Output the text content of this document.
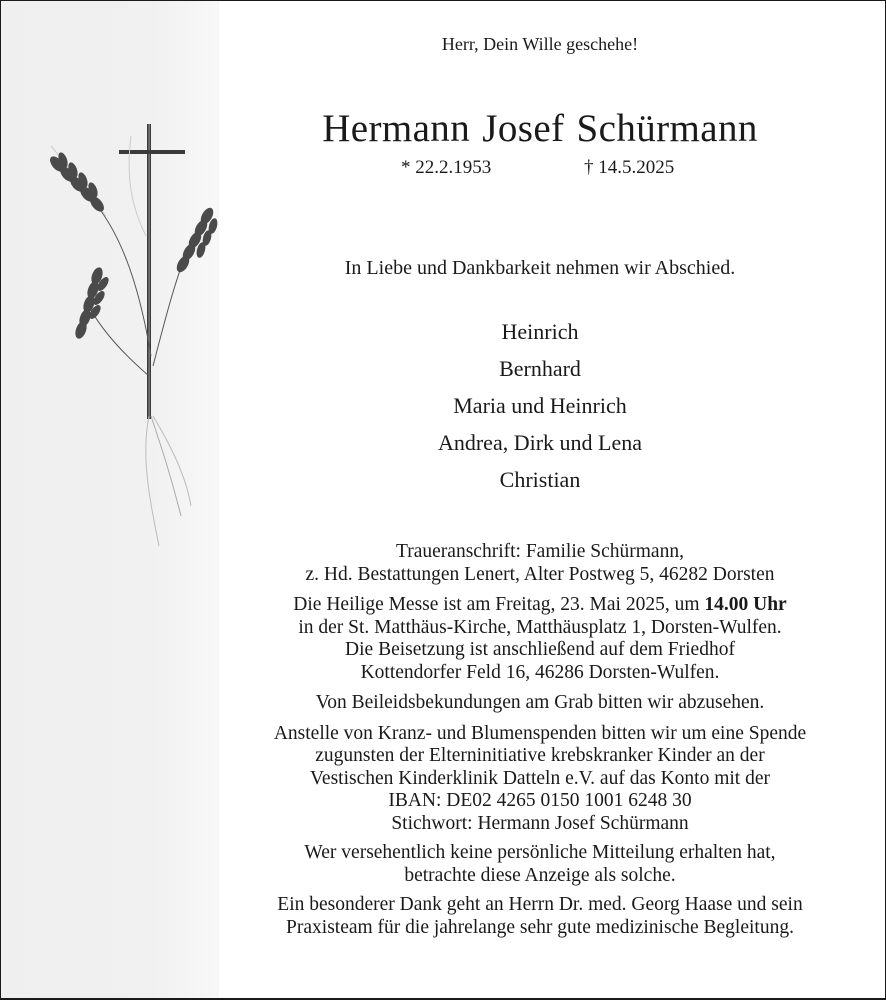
Herr, Dein Wille geschehe!
Hermann Josef Schürmann
* 22.2.1953	† 14.5.2025
In Liebe und Dankbarkeit nehmen wir Abschied.
Heinrich
Bernhard
Maria und Heinrich
Andrea, Dirk und Lena
Christian
Traueranschrift: Familie Schürmann,
z. Hd. Bestattungen Lenert, Alter Postweg 5, 46282 Dorsten
Die Heilige Messe ist am Freitag, 23. Mai 2025, um 14.00 Uhr
in der St. Matthäus-Kirche, Matthäusplatz 1, Dorsten-Wulfen.
Die Beisetzung ist anschließend auf dem Friedhof
Kottendorfer Feld 16, 46286 Dorsten-Wulfen.
Von Beileidsbekundungen am Grab bitten wir abzusehen.
Anstelle von Kranz- und Blumenspenden bitten wir um eine Spende
zugunsten der Elterninitiative krebskranker Kinder an der
Vestischen Kinderklinik Datteln e.V. auf das Konto mit der
IBAN: DE02 4265 0150 1001 6248 30
Stichwort: Hermann Josef Schürmann
Wer versehentlich keine persönliche Mitteilung erhalten hat,
betrachte diese Anzeige als solche.
Ein besonderer Dank geht an Herrn Dr. med. Georg Haase und sein
Praxisteam für die jahrelange sehr gute medizinische Begleitung.
